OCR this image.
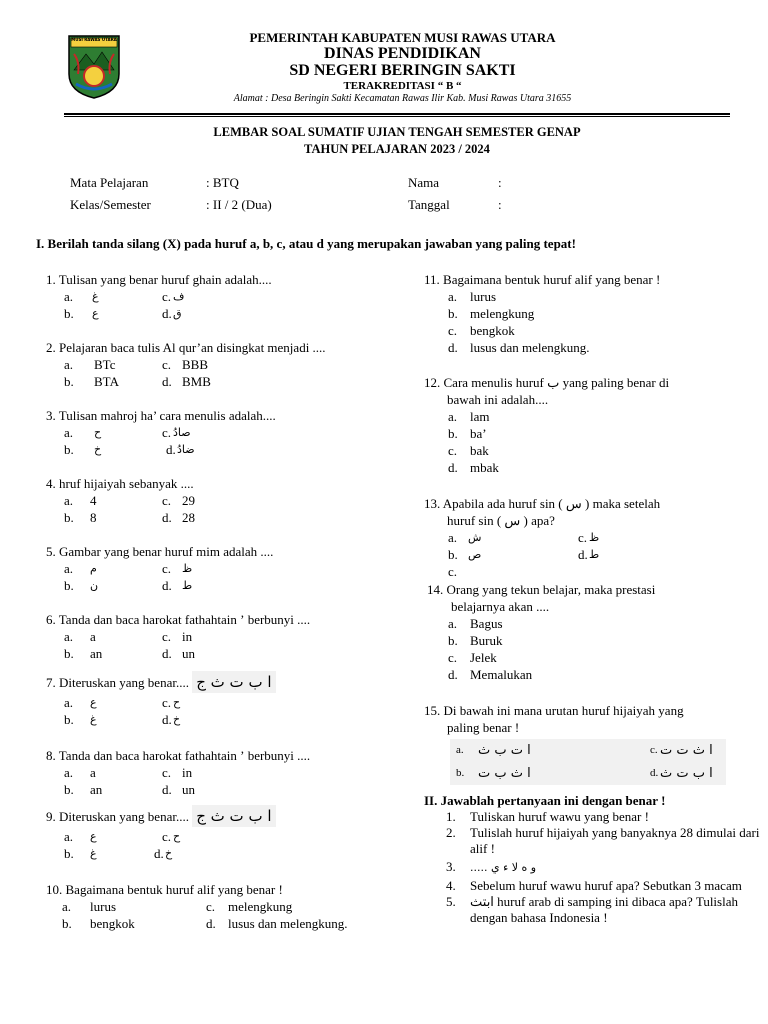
MUSI RAWAS UTARA	PEMERINTAH KABUPATEN MUSI RAWAS UTARA
DINAS PENDIDIKAN
SD NEGERI BERINGIN SAKTI
TERAKREDITASI “ B “
Alamat : Desa Beringin Sakti Kecamatan Rawas Ilir Kab. Musi Rawas Utara 31655
LEMBAR SOAL SUMATIF UJIAN TENGAH SEMESTER GENAP
TAHUN PELAJARAN 2023 / 2024
Mata Pelajaran	: BTQ
Kelas/Semester	: II / 2 (Dua)
Nama	:
Tanggal	:
I. Berilah tanda silang (X) pada huruf a, b, c, atau d yang merupakan jawaban yang paling tepat!
1. Tulisan yang benar huruf ghain adalah....
a. غ	c. ف
b. ع	d. ق
2. Pelajaran baca tulis Al qur’an disingkat menjadi ....
a. BTc	c. BBB
b. BTA	d. BMB
3. Tulisan mahroj ha’ cara menulis adalah....
a. ح	c. صادُ
b. خ	d. ضادُ
4. hruf hijaiyah sebanyak ....
a. 4	c. 29
b. 8	d. 28
5. Gambar yang benar huruf mim adalah ....
a. م	c. ظ
b. ن	d. ط
6. Tanda dan baca harokat fathahtain ʼ berbunyi ....
a. a	c. in
b. an	d. un
7. Diteruskan yang benar.... ا ب ت ث ج
a. ع	c. ح
b. غ	d. خ
8. Tanda dan baca harokat fathahtain ʼ berbunyi ....
a. a	c. in
b. an	d. un
9. Diteruskan yang benar.... ا ب ت ث ج
a. ع	c. ح
b. غ	d. خ
10. Bagaimana bentuk huruf alif yang benar !
a. lurus	c. melengkung
b. bengkok	d. lusus dan melengkung.
11. Bagaimana bentuk huruf alif yang benar !
a. lurus
b. melengkung
c. bengkok
d. lusus dan melengkung.
12. Cara menulis huruf ب yang paling benar di
bawah ini adalah....
a. lam
b. baʼ
c. bak
d. mbak
13. Apabila ada huruf sin ( س ) maka setelah
huruf sin ( س ) apa?
a. ش	c. ظ
b. ص	d. ط
c.
14. Orang yang tekun belajar, maka prestasi
belajarnya akan ....
a. Bagus
b. Buruk
c. Jelek
d. Memalukan
15. Di bawah ini mana urutan huruf hijaiyah yang
paling benar !
a. ا ت ب ث	c. ا ث ت ت
b. ا ث ب ت	d. ا ب ت ث
II. Jawablah pertanyaan ini dengan benar !
1. Tuliskan huruf wawu yang benar !
2. Tulislah huruf hijaiyah yang banyaknya 28 dimulai dari alif !
3. ..... و ه لا ء ي
4. Sebelum huruf wawu huruf apa? Sebutkan 3 macam
5. ابتث huruf arab di samping ini dibaca apa? Tulislah dengan bahasa Indonesia !
